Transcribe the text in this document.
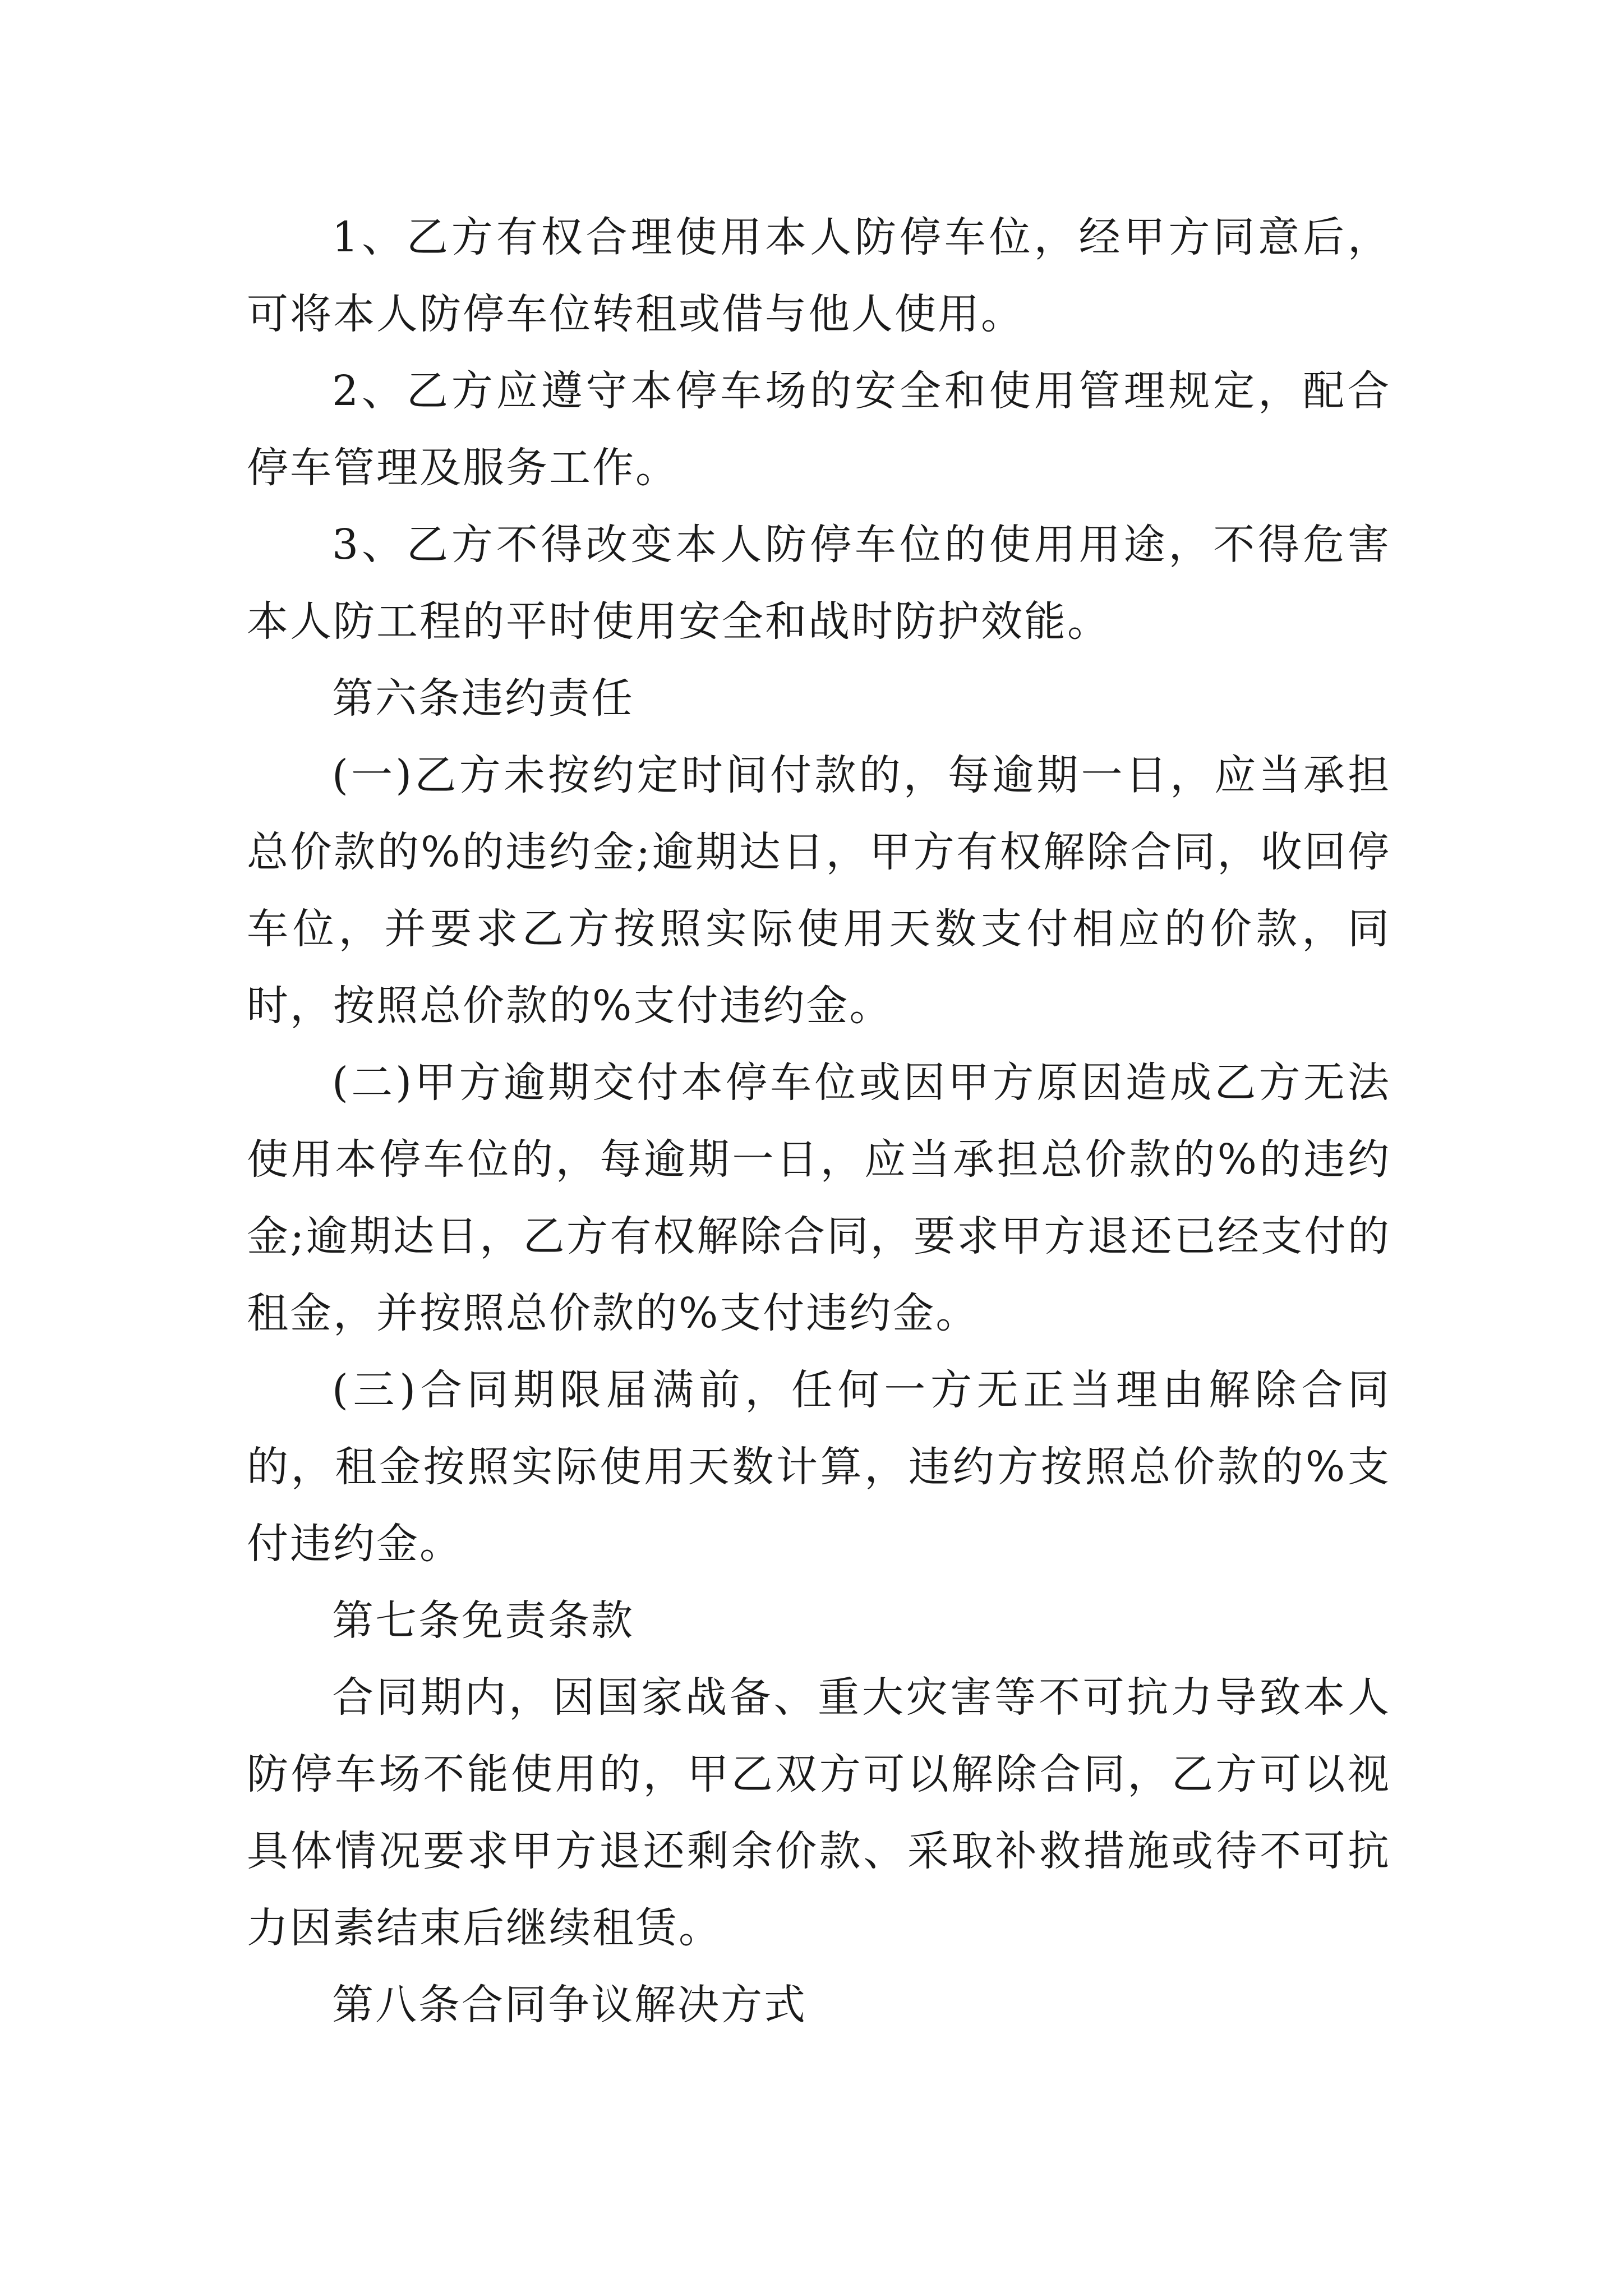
1、乙方有权合理使用本人防停车位，经甲方同意后，可将本人防停车位转租或借与他人使用。

2、乙方应遵守本停车场的安全和使用管理规定，配合停车管理及服务工作。

3、乙方不得改变本人防停车位的使用用途，不得危害本人防工程的平时使用安全和战时防护效能。

第六条违约责任

(一)乙方未按约定时间付款的，每逾期一日，应当承担总价款的%的违约金;逾期达日，甲方有权解除合同，收回停车位，并要求乙方按照实际使用天数支付相应的价款，同时，按照总价款的%支付违约金。

(二)甲方逾期交付本停车位或因甲方原因造成乙方无法使用本停车位的，每逾期一日，应当承担总价款的%的违约金;逾期达日，乙方有权解除合同，要求甲方退还已经支付的租金，并按照总价款的%支付违约金。

(三)合同期限届满前，任何一方无正当理由解除合同的，租金按照实际使用天数计算，违约方按照总价款的%支付违约金。

第七条免责条款

合同期内，因国家战备、重大灾害等不可抗力导致本人防停车场不能使用的，甲乙双方可以解除合同，乙方可以视具体情况要求甲方退还剩余价款、采取补救措施或待不可抗力因素结束后继续租赁。

第八条合同争议解决方式
